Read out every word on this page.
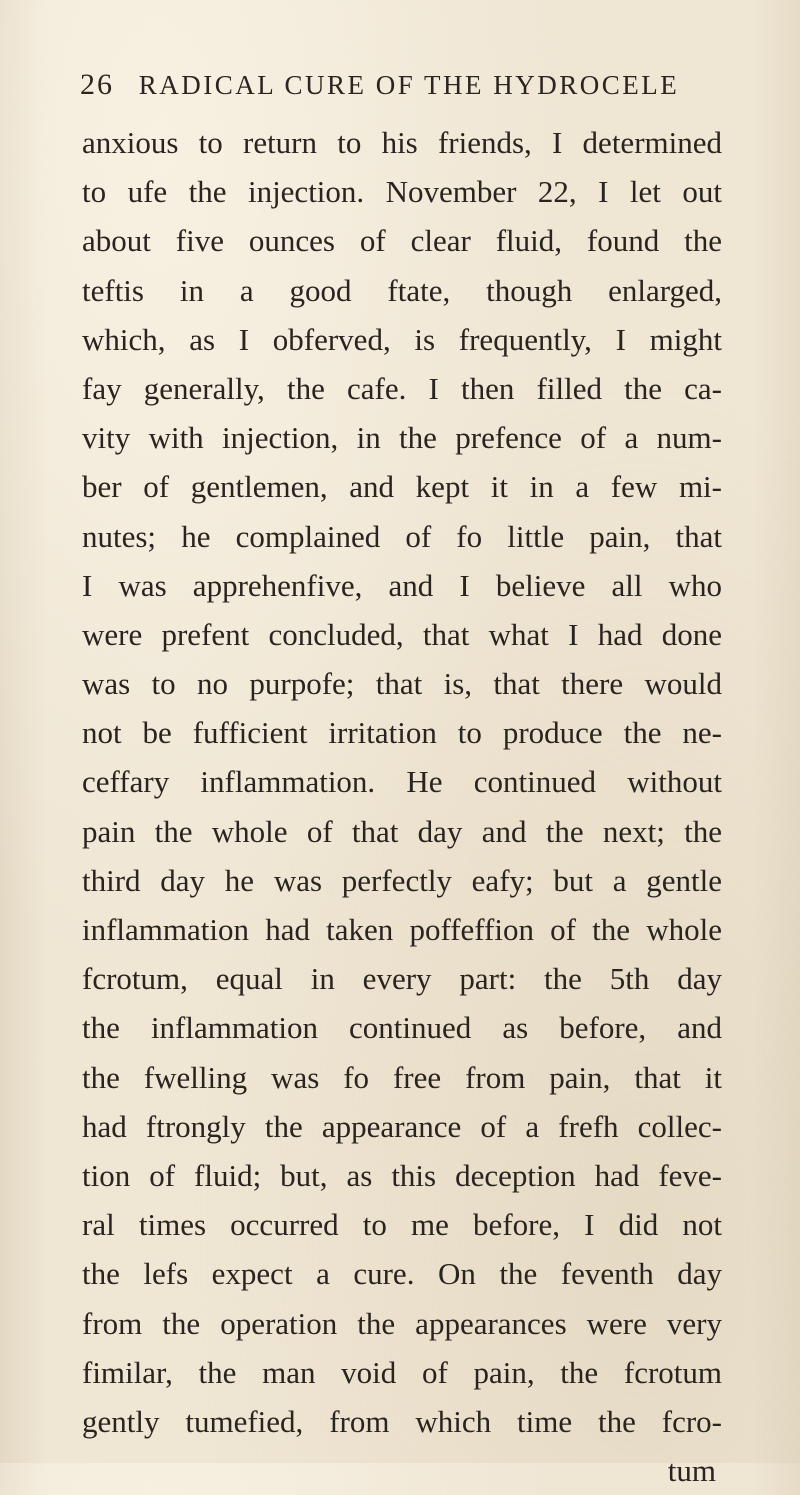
26 RADICAL CURE OF THE HYDROCELE
anxious to return to his friends, I determined
to ufe the injection. November 22, I let out
about five ounces of clear fluid, found the
teftis in a good ftate, though enlarged,
which, as I obferved, is frequently, I might
fay generally, the cafe. I then filled the ca-
vity with injection, in the prefence of a num-
ber of gentlemen, and kept it in a few mi-
nutes; he complained of fo little pain, that
I was apprehenfive, and I believe all who
were prefent concluded, that what I had done
was to no purpofe; that is, that there would
not be fufficient irritation to produce the ne-
ceffary inflammation. He continued without
pain the whole of that day and the next; the
third day he was perfectly eafy; but a gentle
inflammation had taken poffeffion of the whole
fcrotum, equal in every part: the 5th day
the inflammation continued as before, and
the fwelling was fo free from pain, that it
had ftrongly the appearance of a frefh collec-
tion of fluid; but, as this deception had feve-
ral times occurred to me before, I did not
the lefs expect a cure. On the feventh day
from the operation the appearances were very
fimilar, the man void of pain, the fcrotum
gently tumefied, from which time the fcro-
tum
